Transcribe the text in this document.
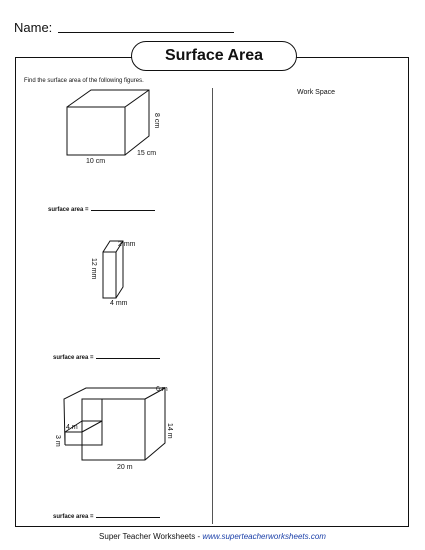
Name:
Surface Area
Find the surface area of the following figures.
Work Space
8 cm
10 cm
15 cm
2 mm
12 mm
4 mm
6 m
14 m
4 m
3 m
20 m
surface area =
surface area =
surface area =
Super Teacher Worksheets - www.superteacherworksheets.com
